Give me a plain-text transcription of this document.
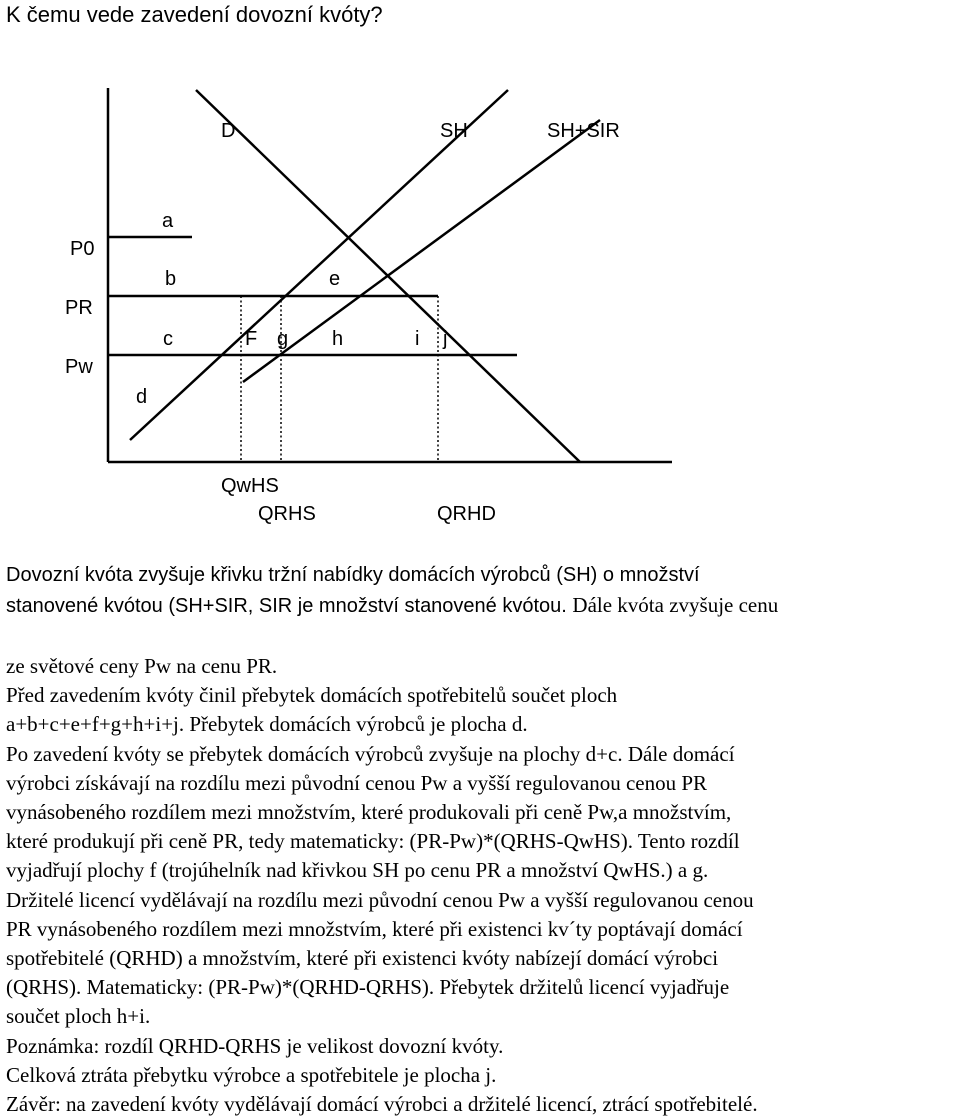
K čemu vede zavedení dovozní kvóty?
D	SH	SH+SIR
P0
PR
Pw
a
b
c
d
e
F g h	i j
QwHS
QRHS	QRHD
Dovozní kvóta zvyšuje křivku tržní nabídky domácích výrobců (SH) o množství
stanovené kvótou (SH+SIR, SIR je množství stanovené kvótou. Dále kvóta zvyšuje cenu
ze světové ceny Pw na cenu PR.
Před zavedením kvóty činil přebytek domácích spotřebitelů součet ploch
a+b+c+e+f+g+h+i+j. Přebytek domácích výrobců je plocha d.
Po zavedení kvóty se přebytek domácích výrobců zvyšuje na plochy d+c. Dále domácí
výrobci získávají na rozdílu mezi původní cenou Pw a vyšší regulovanou cenou PR
vynásobeného rozdílem mezi množstvím, které produkovali při ceně Pw,a množstvím,
které produkují při ceně PR, tedy matematicky: (PR-Pw)*(QRHS-QwHS). Tento rozdíl
vyjadřují plochy f (trojúhelník nad křivkou SH po cenu PR a množství QwHS.) a g.
Držitelé licencí vydělávají na rozdílu mezi původní cenou Pw a vyšší regulovanou cenou
PR vynásobeného rozdílem mezi množstvím, které při existenci kv´ty poptávají domácí
spotřebitelé (QRHD) a množstvím, které při existenci kvóty nabízejí domácí výrobci
(QRHS). Matematicky: (PR-Pw)*(QRHD-QRHS). Přebytek držitelů licencí vyjadřuje
součet ploch h+i.
Poznámka: rozdíl QRHD-QRHS je velikost dovozní kvóty.
Celková ztráta přebytku výrobce a spotřebitele je plocha j.
Závěr: na zavedení kvóty vydělávají domácí výrobci a držitelé licencí, ztrácí spotřebitelé.
